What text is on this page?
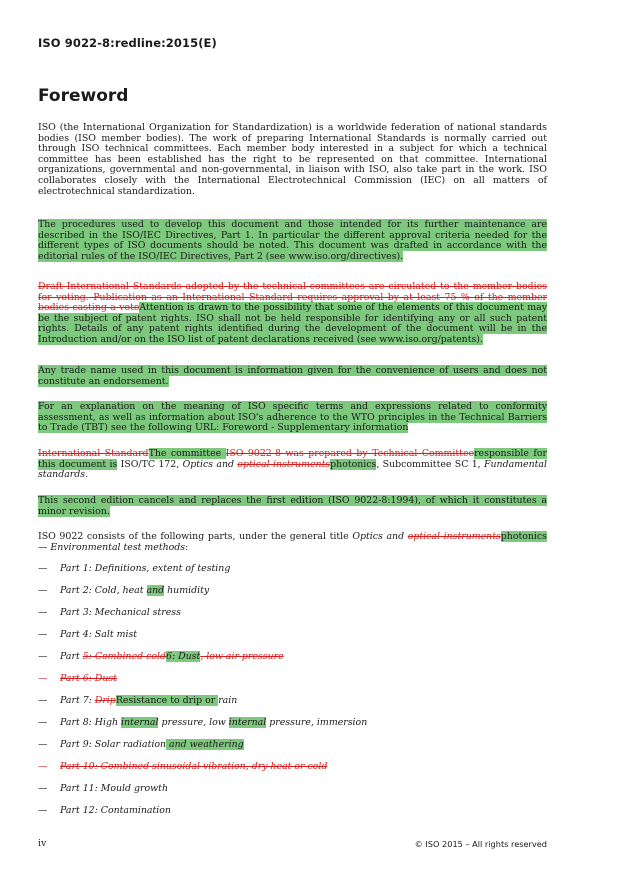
ISO 9022-8:redline:2015(E)
Foreword

ISO (the International Organization for Standardization) is a worldwide federation of national standards bodies (ISO member bodies). The work of preparing International Standards is normally carried out through ISO technical committees. Each member body interested in a subject for which a technical committee has been established has the right to be represented on that committee. International organizations, governmental and non-governmental, in liaison with ISO, also take part in the work. ISO collaborates closely with the International Electrotechnical Commission (IEC) on all matters of electrotechnical standardization.

The procedures used to develop this document and those intended for its further maintenance are described in the ISO/IEC Directives, Part 1. In particular the different approval criteria needed for the different types of ISO documents should be noted. This document was drafted in accordance with the editorial rules of the ISO/IEC Directives, Part 2 (see www.iso.org/directives).

Draft International Standards adopted by the technical committees are circulated to the member bodies for voting. Publication as an International Standard requires approval by at least 75 % of the member bodies casting a voteAttention is drawn to the possibility that some of the elements of this document may be the subject of patent rights. ISO shall not be held responsible for identifying any or all such patent rights. Details of any patent rights identified during the development of the document will be in the Introduction and/or on the ISO list of patent declarations received (see www.iso.org/patents).

Any trade name used in this document is information given for the convenience of users and does not constitute an endorsement.

For an explanation on the meaning of ISO specific terms and expressions related to conformity assessment, as well as information about ISO's adherence to the WTO principles in the Technical Barriers to Trade (TBT) see the following URL: Foreword - Supplementary information

International StandardThe committee ISO 9022-8 was prepared by Technical Committeeresponsible for this document is ISO/TC 172, Optics and optical instrumentsphotonics, Subcommittee SC 1, Fundamental standards.

This second edition cancels and replaces the first edition (ISO 9022-8:1994), of which it constitutes a minor revision.

ISO 9022 consists of the following parts, under the general title Optics and optical instrumentsphotonics — Environmental test methods:

— Part 1: Definitions, extent of testing
— Part 2: Cold, heat and humidity
— Part 3: Mechanical stress
— Part 4: Salt mist
— Part 5: Combined cold6: Dust, low air pressure
— Part 6: Dust
— Part 7: DripResistance to drip or rain
— Part 8: High internal pressure, low internal pressure, immersion
— Part 9: Solar radiation and weathering
— Part 10: Combined sinusoidal vibration, dry heat or cold
— Part 11: Mould growth
— Part 12: Contamination
iv	© ISO 2015 – All rights reserved
